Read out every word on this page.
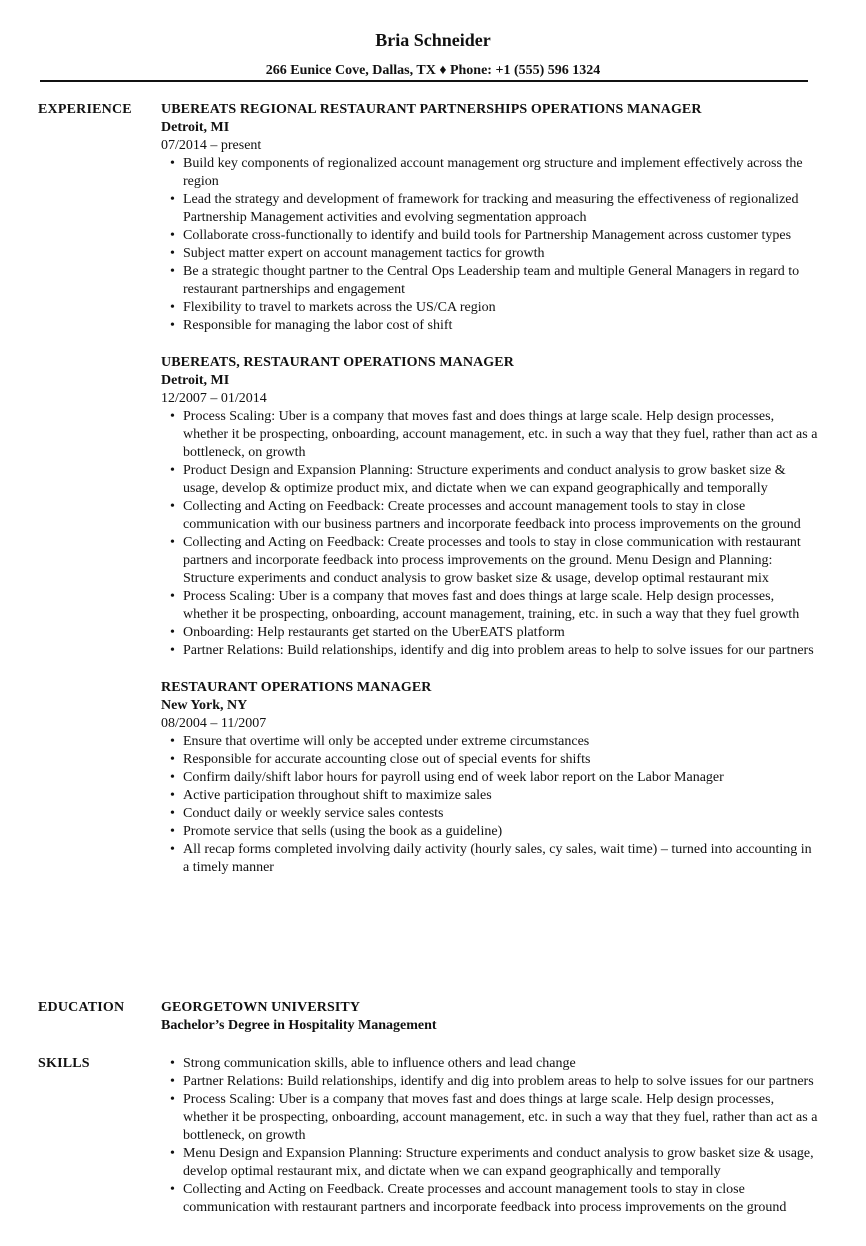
Bria Schneider
266 Eunice Cove, Dallas, TX ♦ Phone: +1 (555) 596 1324
EXPERIENCE UBEREATS REGIONAL RESTAURANT PARTNERSHIPS OPERATIONS MANAGER
Detroit, MI
07/2014 – present
• Build key components of regionalized account management org structure and implement effectively across the region
• Lead the strategy and development of framework for tracking and measuring the effectiveness of regionalized Partnership Management activities and evolving segmentation approach
• Collaborate cross-functionally to identify and build tools for Partnership Management across customer types
• Subject matter expert on account management tactics for growth
• Be a strategic thought partner to the Central Ops Leadership team and multiple General Managers in regard to restaurant partnerships and engagement
• Flexibility to travel to markets across the US/CA region
• Responsible for managing the labor cost of shift
UBEREATS, RESTAURANT OPERATIONS MANAGER
Detroit, MI
12/2007 – 01/2014
• Process Scaling: Uber is a company that moves fast and does things at large scale. Help design processes, whether it be prospecting, onboarding, account management, etc. in such a way that they fuel, rather than act as a bottleneck, on growth
• Product Design and Expansion Planning: Structure experiments and conduct analysis to grow basket size & usage, develop & optimize product mix, and dictate when we can expand geographically and temporally
• Collecting and Acting on Feedback: Create processes and account management tools to stay in close communication with our business partners and incorporate feedback into process improvements on the ground
• Collecting and Acting on Feedback: Create processes and tools to stay in close communication with restaurant partners and incorporate feedback into process improvements on the ground. Menu Design and Planning: Structure experiments and conduct analysis to grow basket size & usage, develop optimal restaurant mix
• Process Scaling: Uber is a company that moves fast and does things at large scale. Help design processes, whether it be prospecting, onboarding, account management, training, etc. in such a way that they fuel growth
• Onboarding: Help restaurants get started on the UberEATS platform
• Partner Relations: Build relationships, identify and dig into problem areas to help to solve issues for our partners
RESTAURANT OPERATIONS MANAGER
New York, NY
08/2004 – 11/2007
• Ensure that overtime will only be accepted under extreme circumstances
• Responsible for accurate accounting close out of special events for shifts
• Confirm daily/shift labor hours for payroll using end of week labor report on the Labor Manager
• Active participation throughout shift to maximize sales
• Conduct daily or weekly service sales contests
• Promote service that sells (using the book as a guideline)
• All recap forms completed involving daily activity (hourly sales, cy sales, wait time) – turned into accounting in a timely manner
EDUCATION	GEORGETOWN UNIVERSITY
Bachelor’s Degree in Hospitality Management
SKILLS
•	Strong communication skills, able to influence others and lead change
• Partner Relations: Build relationships, identify and dig into problem areas to help to solve issues for our partners
• Process Scaling: Uber is a company that moves fast and does things at large scale. Help design processes, whether it be prospecting, onboarding, account management, etc. in such a way that they fuel, rather than act as a bottleneck, on growth
• Menu Design and Expansion Planning: Structure experiments and conduct analysis to grow basket size & usage, develop optimal restaurant mix, and dictate when we can expand geographically and temporally
• Collecting and Acting on Feedback. Create processes and account management tools to stay in close communication with restaurant partners and incorporate feedback into process improvements on the ground
